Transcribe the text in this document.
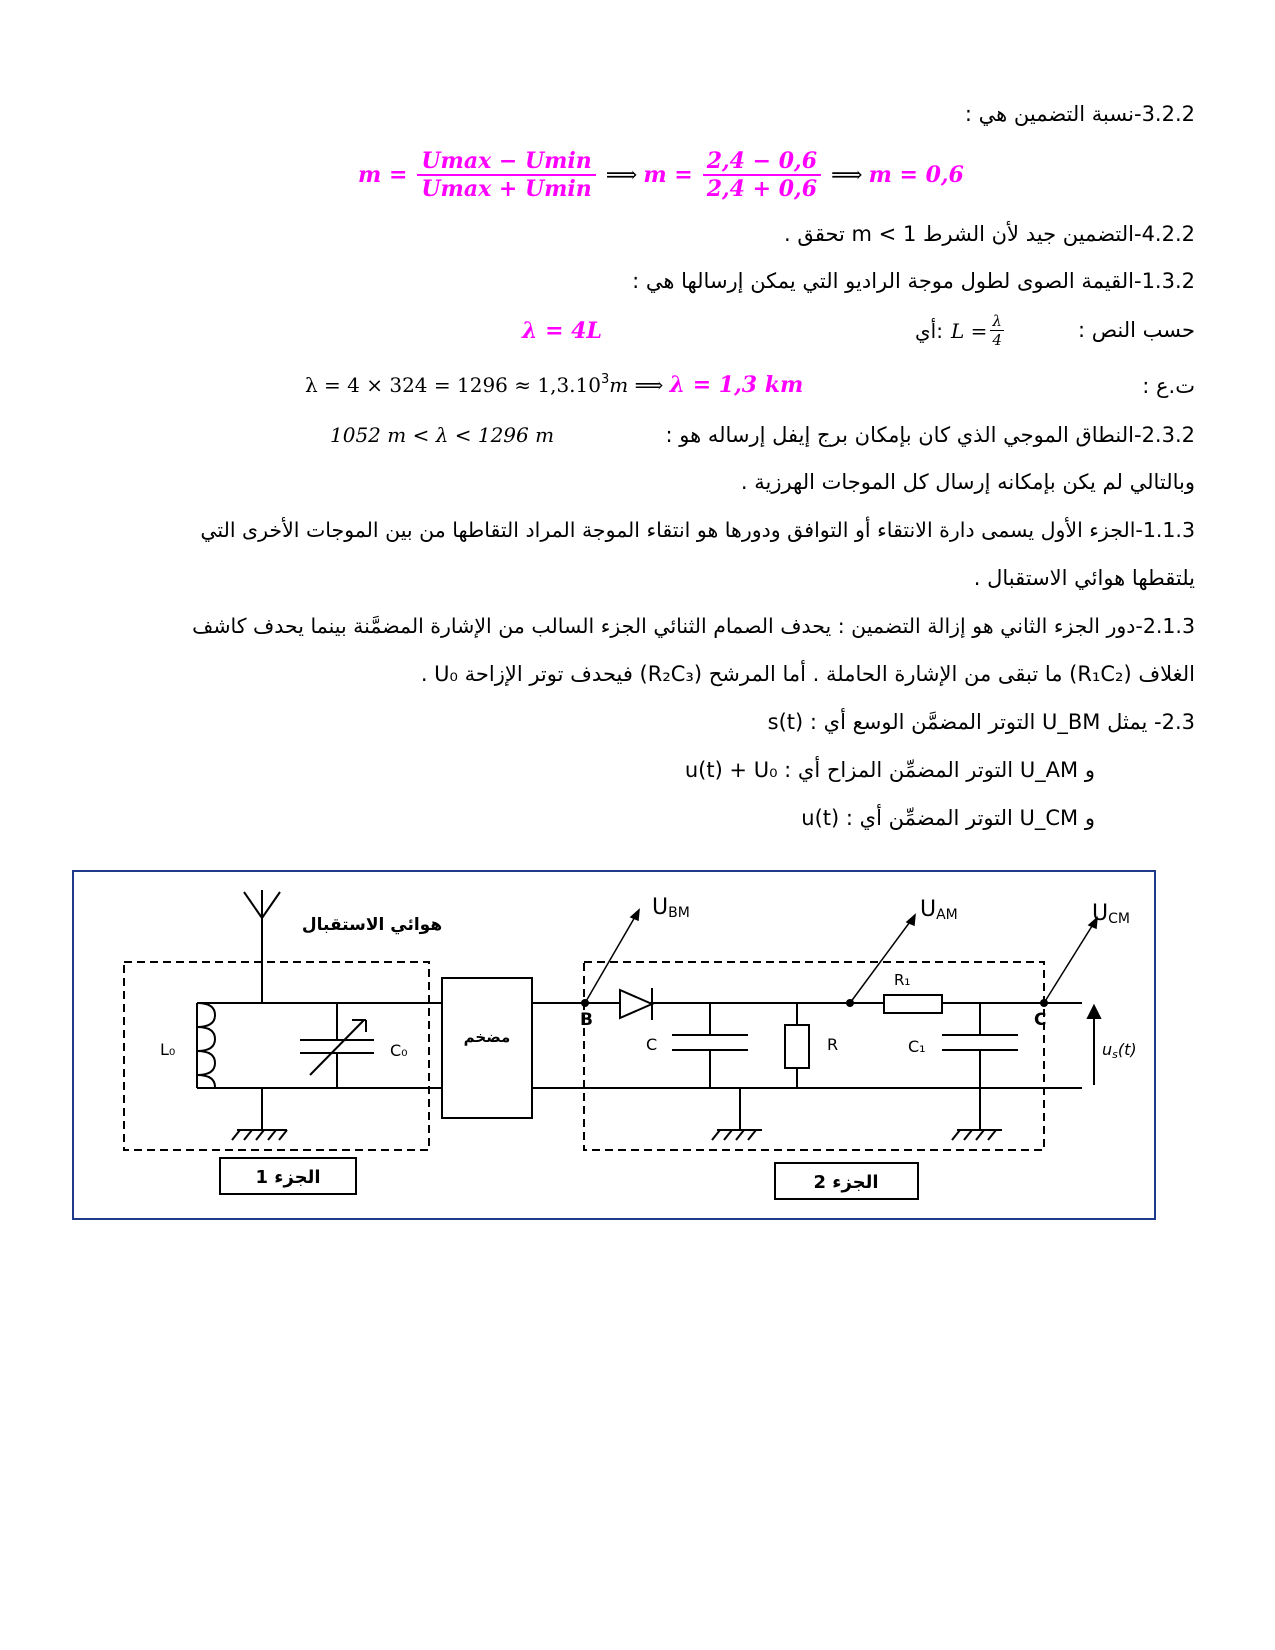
3.2.2-نسبة التضمين هي :
$m = \frac{Umax - Umin}{Umax + Umin}$ ⟹ $m = \frac{2,4 - 0,6}{2,4 + 0,6}$ ⟹ m = 0,6
4.2.2-التضمين جيد لأن الشرط m < 1 تحقق .
1.3.2-القيمة الصوى لطول موجة الراديو التي يمكن إرسالها هي :
حسب النص :
أي: $L = \frac{\lambda}{4}$
λ = 4L
ت.ع :
$\lambda = 4 \times 324 = 1296 \approx 1,3.10^3m$ ⟹ λ = 1,3 km
2.3.2-النطاق الموجي الذي كان بإمكان برج إيفل إرساله هو :
1052 m < λ < 1296 m
وبالتالي لم يكن بإمكانه إرسال كل الموجات الهرزية .
1.1.3-الجزء الأول يسمى دارة الانتقاء أو التوافق ودورها هو انتقاء الموجة المراد التقاطها من بين الموجات الأخرى التي
يلتقطها هوائي الاستقبال .
2.1.3-دور الجزء الثاني هو إزالة التضمين : يحدف الصمام الثنائي الجزء السالب من الإشارة المضمَّنة بينما يحدف كاشف
الغلاف (R₁C₂) ما تبقى من الإشارة الحاملة . أما المرشح (R₂C₃) فيحدف توتر الإزاحة U₀ .
2.3- يمثل U_BM التوتر المضمَّن الوسع أي : s(t)
و U_AM التوتر المضمِّن المزاح أي : u(t) + U₀
و U_CM التوتر المضمِّن أي : u(t)
هوائي الاستقبال
L₀	C₀
مضخم	C	R
R₁
C₁
B	C
UBM	UAM	UCM
us(t)
الجزء 1	الجزء 2
